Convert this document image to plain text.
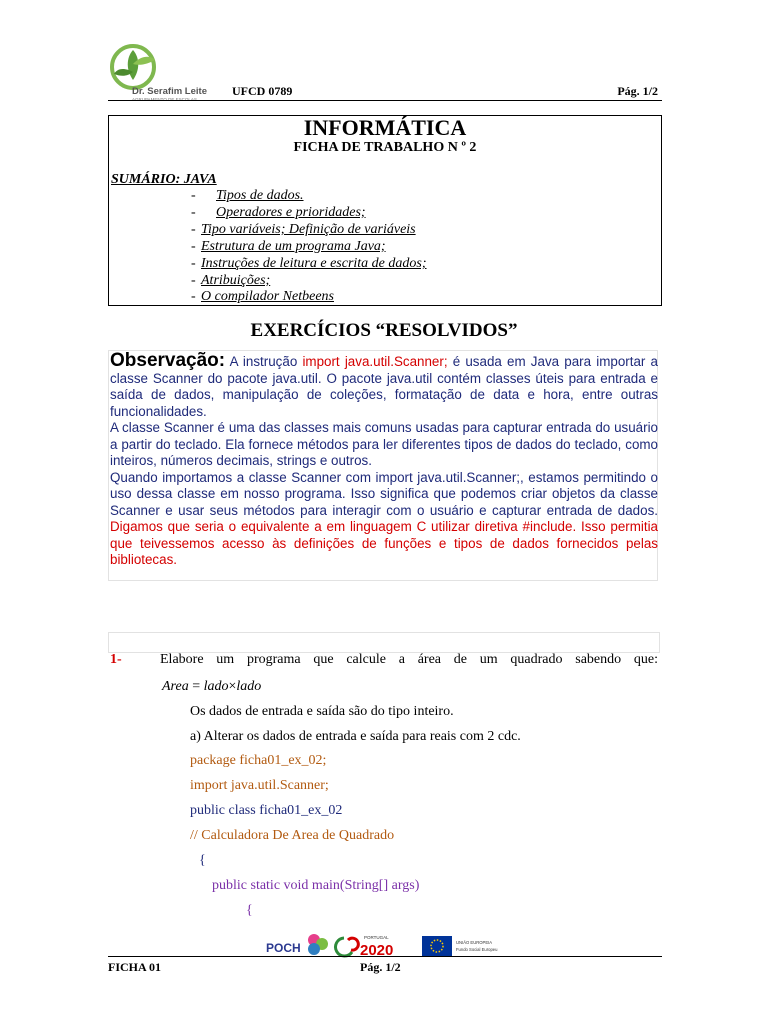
Dr. Serafim Leite
AGRUPAMENTO DE ESCOLAS
UFCD 0789	Pág. 1/2
INFORMÁTICA
FICHA DE TRABALHO N º 2
SUMÁRIO: JAVA
- Tipos de dados.
- Operadores e prioridades;
- Tipo variáveis; Definição de variáveis
- Estrutura de um programa Java;
- Instruções de leitura e escrita de dados;
- Atribuições;
- O compilador Netbeens
EXERCÍCIOS “RESOLVIDOS”

Observação: A instrução import java.util.Scanner; é usada em Java para importar a classe Scanner do pacote java.util. O pacote java.util contém classes úteis para entrada e saída de dados, manipulação de coleções, formatação de data e hora, entre outras funcionalidades.

A classe Scanner é uma das classes mais comuns usadas para capturar entrada do usuário a partir do teclado. Ela fornece métodos para ler diferentes tipos de dados do teclado, como inteiros, números decimais, strings e outros.

Quando importamos a classe Scanner com import java.util.Scanner;, estamos permitindo o uso dessa classe em nosso programa. Isso significa que podemos criar objetos da classe Scanner e usar seus métodos para interagir com o usuário e capturar entrada de dados. Digamos que seria o equivalente a em linguagem C utilizar diretiva #include. Isso permitia que teivessemos acesso às definições de funções e tipos de dados fornecidos pelas bibliotecas.

1-	Elabore um programa que calcule a área de um quadrado sabendo que:
Area = lado×lado
Os dados de entrada e saída são do tipo inteiro.
a) Alterar os dados de entrada e saída para reais com 2 cdc.
package ficha01_ex_02;
import java.util.Scanner;
public class ficha01_ex_02
// Calculadora De Area de Quadrado
{
public static void main(String[] args)
{
POCH
PORTUGAL
2020	UNIÃO EUROPEIA
Fundo Social Europeu
FICHA 01	Pág. 1/2
